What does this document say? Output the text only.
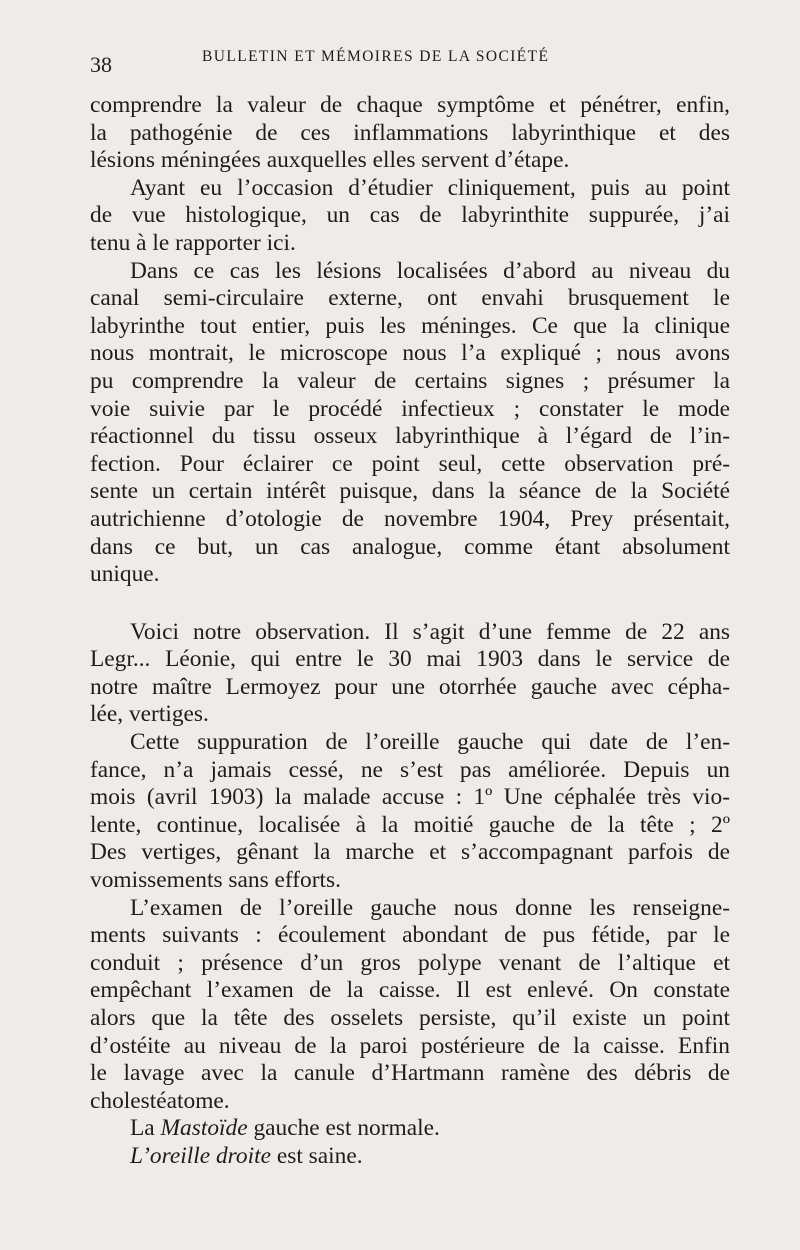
38	BULLETIN ET MÉMOIRES DE LA SOCIÉTÉ
comprendre la valeur de chaque symptôme et pénétrer, enfin,
la pathogénie de ces inflammations labyrinthique et des
lésions méningées auxquelles elles servent d’étape.
Ayant eu l’occasion d’étudier cliniquement, puis au point
de vue histologique, un cas de labyrinthite suppurée, j’ai
tenu à le rapporter ici.
Dans ce cas les lésions localisées d’abord au niveau du
canal semi-circulaire externe, ont envahi brusquement le
labyrinthe tout entier, puis les méninges. Ce que la clinique
nous montrait, le microscope nous l’a expliqué ; nous avons
pu comprendre la valeur de certains signes ; présumer la
voie suivie par le procédé infectieux ; constater le mode
réactionnel du tissu osseux labyrinthique à l’égard de l’in-
fection. Pour éclairer ce point seul, cette observation pré-
sente un certain intérêt puisque, dans la séance de la Société
autrichienne d’otologie de novembre 1904, Prey présentait,
dans ce but, un cas analogue, comme étant absolument
unique.
Voici notre observation. Il s’agit d’une femme de 22 ans
Legr... Léonie, qui entre le 30 mai 1903 dans le service de
notre maître Lermoyez pour une otorrhée gauche avec cépha-
lée, vertiges.
Cette suppuration de l’oreille gauche qui date de l’en-
fance, n’a jamais cessé, ne s’est pas améliorée. Depuis un
mois (avril 1903) la malade accuse : 1º Une céphalée très vio-
lente, continue, localisée à la moitié gauche de la tête ; 2º
Des vertiges, gênant la marche et s’accompagnant parfois de
vomissements sans efforts.
L’examen de l’oreille gauche nous donne les renseigne-
ments suivants : écoulement abondant de pus fétide, par le
conduit ; présence d’un gros polype venant de l’altique et
empêchant l’examen de la caisse. Il est enlevé. On constate
alors que la tête des osselets persiste, qu’il existe un point
d’ostéite au niveau de la paroi postérieure de la caisse. Enfin
le lavage avec la canule d’Hartmann ramène des débris de
cholestéatome.
La Mastoïde gauche est normale.
L’oreille droite est saine.
